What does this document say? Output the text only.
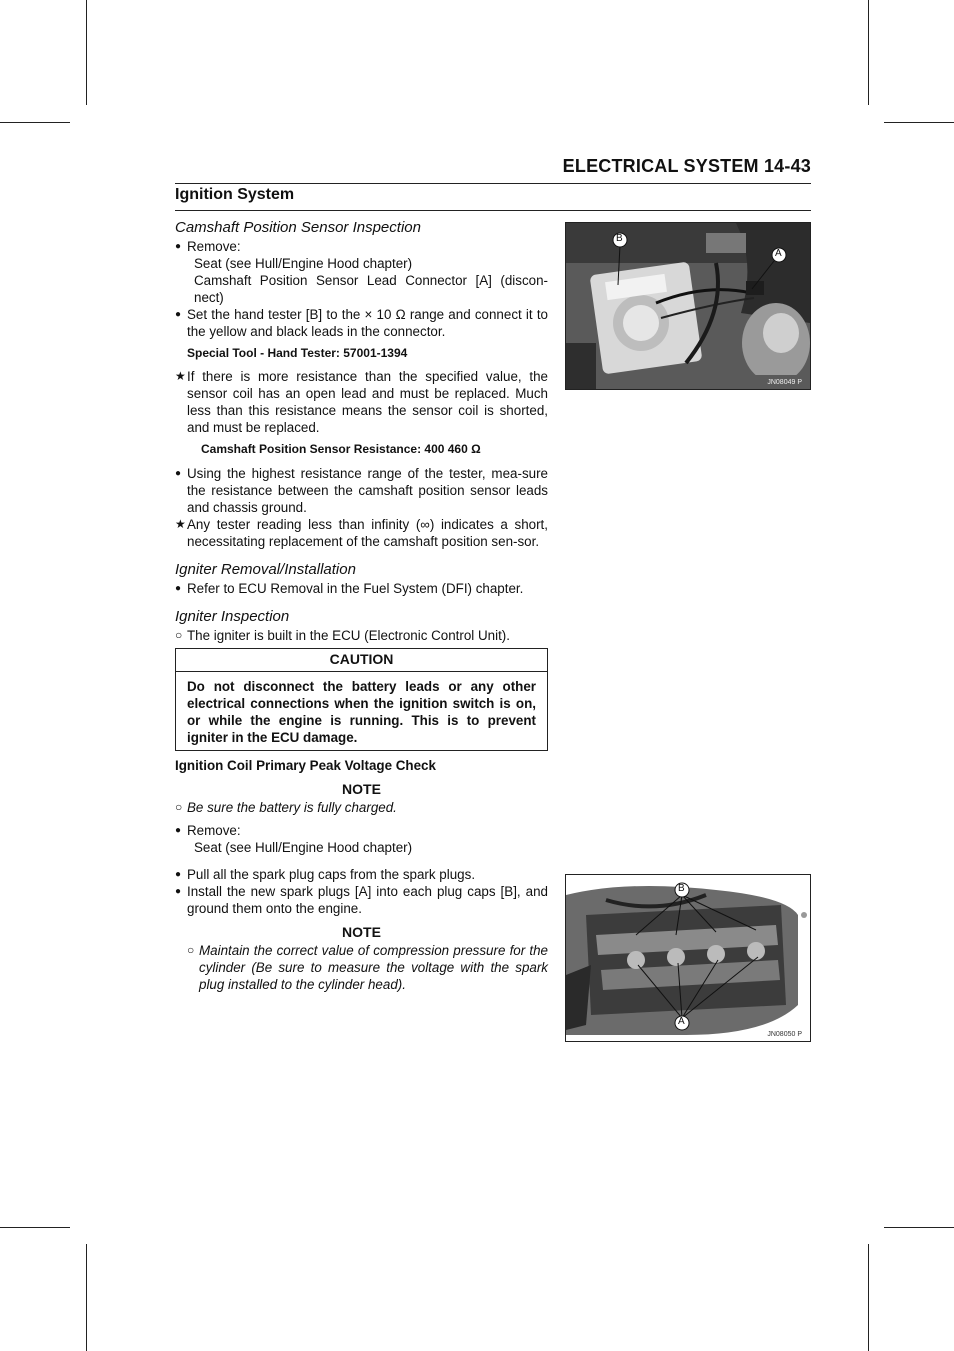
ELECTRICAL SYSTEM 14-43
Ignition System
Camshaft Position Sensor Inspection
● Remove:
Seat (see Hull/Engine Hood chapter)
Camshaft Position Sensor Lead Connector [A] (discon-nect)
● Set the hand tester [B] to the × 10 Ω range and connect it to the yellow and black leads in the connector.
Special Tool - Hand Tester: 57001-1394
★ If there is more resistance than the specified value, the sensor coil has an open lead and must be replaced. Much less than this resistance means the sensor coil is shorted, and must be replaced.
Camshaft Position Sensor Resistance: 400 460 Ω
● Using the highest resistance range of the tester, mea-sure the resistance between the camshaft position sensor leads and chassis ground.
★ Any tester reading less than infinity (∞) indicates a short, necessitating replacement of the camshaft position sen-sor.
Igniter Removal/Installation
● Refer to ECU Removal in the Fuel System (DFI) chapter.
Igniter Inspection
○ The igniter is built in the ECU (Electronic Control Unit).
CAUTION
Do not disconnect the battery leads or any other electrical connections when the ignition switch is on, or while the engine is running. This is to prevent igniter in the ECU damage.
Ignition Coil Primary Peak Voltage Check
NOTE
○ Be sure the battery is fully charged.
● Remove:
Seat (see Hull/Engine Hood chapter)
● Pull all the spark plug caps from the spark plugs.
● Install the new spark plugs [A] into each plug caps [B], and ground them onto the engine.
NOTE
○ Maintain the correct value of compression pressure for the cylinder (Be sure to measure the voltage with the spark plug installed to the cylinder head).
B
A
JN08049 P
B
A
JN08050 P
